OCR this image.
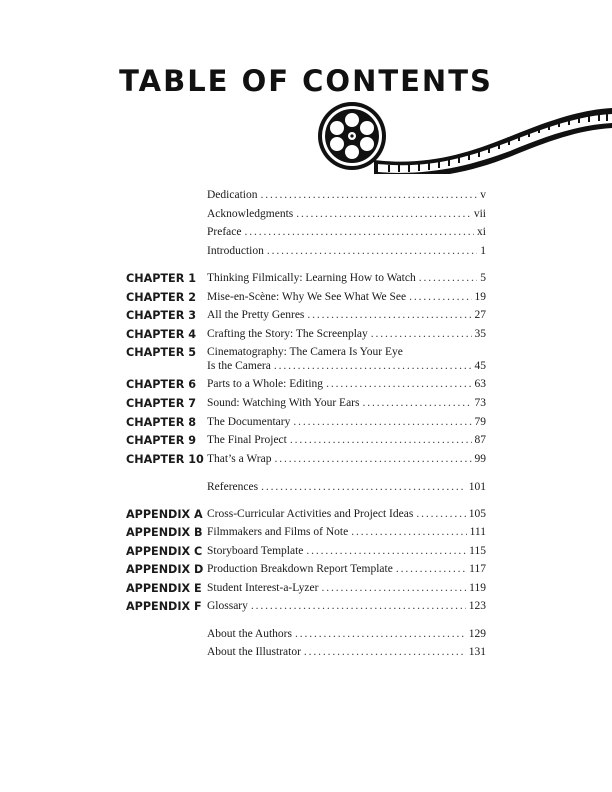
TABLE OF CONTENTS
Dedication . . .	v
Acknowledgments . . .	vii
Preface . . .	xi
Introduction . . .	1
CHAPTER 1 Thinking Filmically: Learning How to Watch . . .	5
CHAPTER 2 Mise-en-Scène: Why We See What We See . . .	19
CHAPTER 3 All the Pretty Genres . . .	27
CHAPTER 4 Crafting the Story: The Screenplay . . .	35
CHAPTER 5 Cinematography: The Camera Is Your Eye
Is the Camera . . .	45
CHAPTER 6 Parts to a Whole: Editing . . .	63
CHAPTER 7 Sound: Watching With Your Ears . . .	73
CHAPTER 8 The Documentary . . .	79
CHAPTER 9 The Final Project . . .	87
CHAPTER 10 That’s a Wrap . . .	99
References . . .	101
APPENDIX A Cross-Curricular Activities and Project Ideas . . .	105
APPENDIX B Filmmakers and Films of Note . . .	111
APPENDIX C Storyboard Template . . .	115
APPENDIX D Production Breakdown Report Template . . .	117
APPENDIX E Student Interest-a-Lyzer . . .	119
APPENDIX F Glossary . . .	123
About the Authors . . .	129
About the Illustrator . . .	131
